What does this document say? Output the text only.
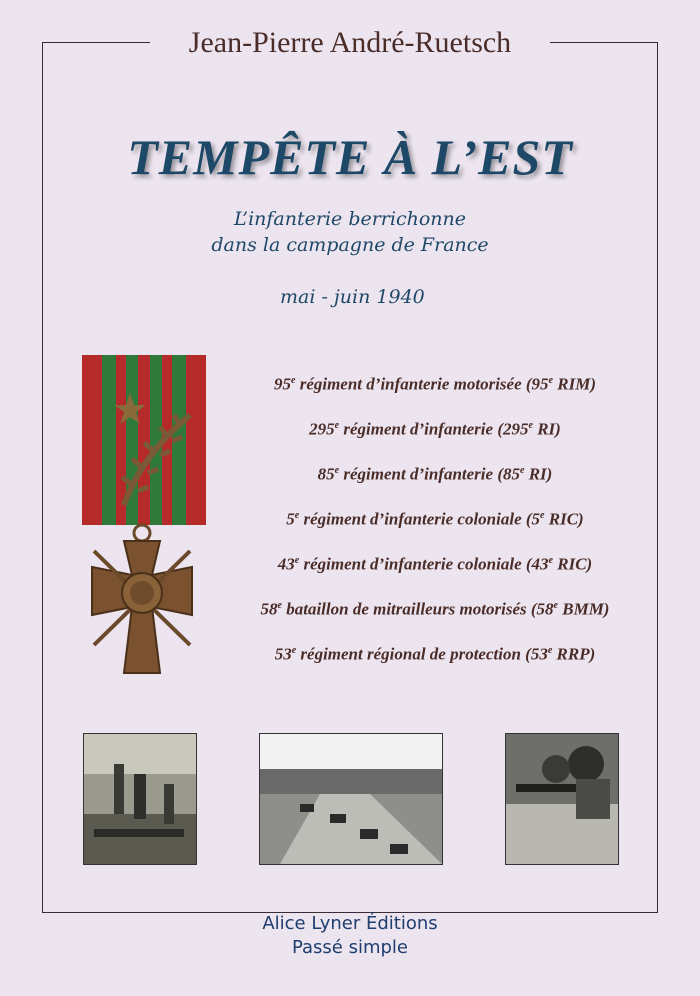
Jean-Pierre André-Ruetsch
TEMPÊTE À L’EST
L’infanterie berrichonne
dans la campagne de France
mai - juin 1940
95e régiment d’infanterie motorisée (95e RIM)
295e régiment d’infanterie (295e RI)
85e régiment d’infanterie (85e RI)
5e régiment d’infanterie coloniale (5e RIC)
43e régiment d’infanterie coloniale (43e RIC)
58e bataillon de mitrailleurs motorisés (58e BMM)
53e régiment régional de protection (53e RRP)
Alice Lyner Éditions
Passé simple
